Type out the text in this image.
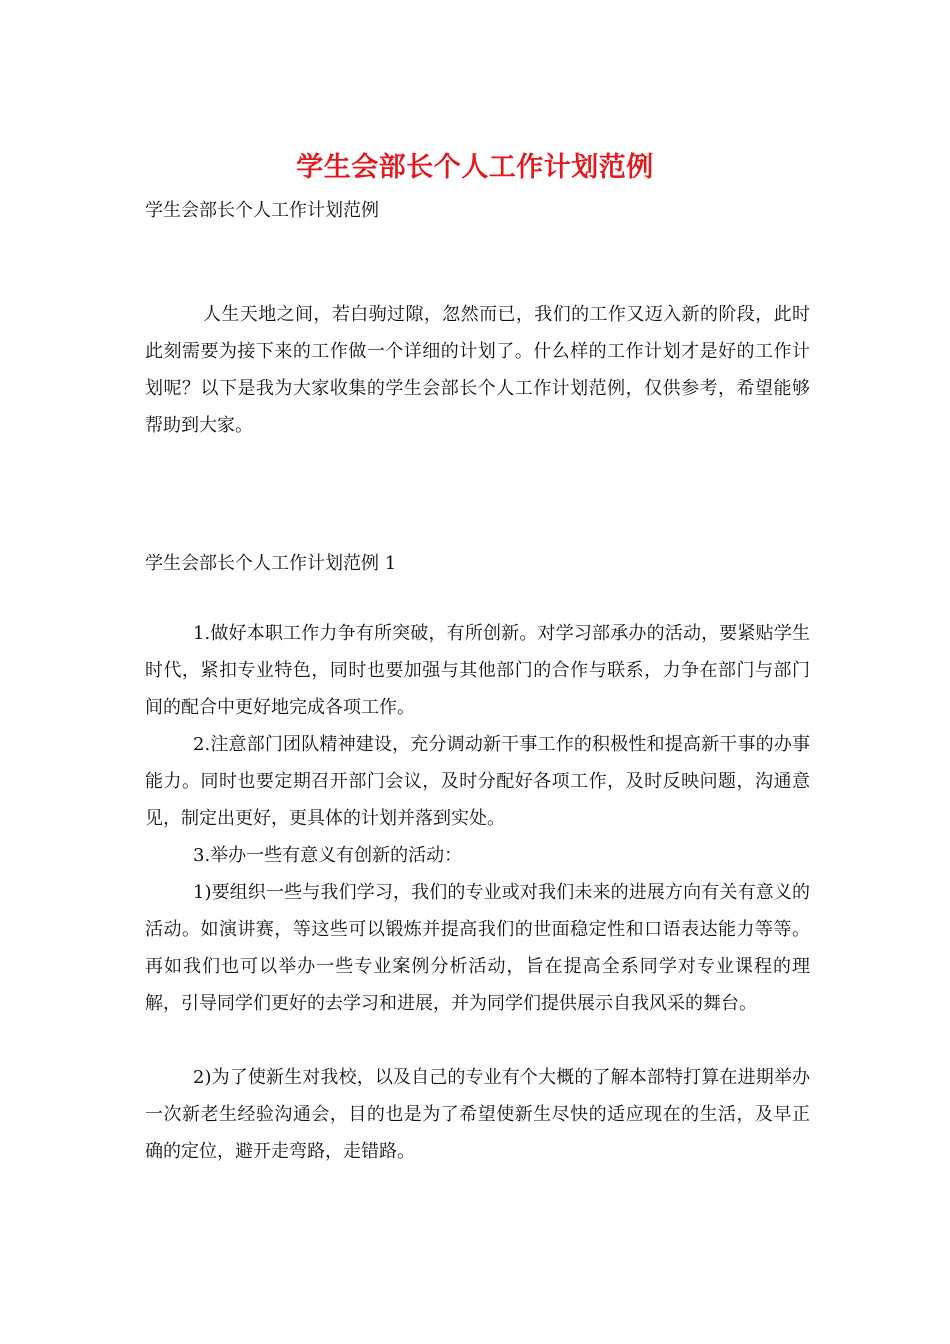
学生会部长个人工作计划范例
学生会部长个人工作计划范例
人生天地之间，若白驹过隙，忽然而已，我们的工作又迈入新的阶段，此时此刻需要为接下来的工作做一个详细的计划了。什么样的工作计划才是好的工作计划呢？以下是我为大家收集的学生会部长个人工作计划范例，仅供参考，希望能够帮助到大家。
学生会部长个人工作计划范例 1
1.做好本职工作力争有所突破，有所创新。对学习部承办的活动，要紧贴学生时代，紧扣专业特色，同时也要加强与其他部门的合作与联系，力争在部门与部门间的配合中更好地完成各项工作。
2.注意部门团队精神建设，充分调动新干事工作的积极性和提高新干事的办事能力。同时也要定期召开部门会议，及时分配好各项工作，及时反映问题，沟通意见，制定出更好，更具体的计划并落到实处。
3.举办一些有意义有创新的活动：
1)要组织一些与我们学习，我们的专业或对我们未来的进展方向有关有意义的活动。如演讲赛，等这些可以锻炼并提高我们的世面稳定性和口语表达能力等等。再如我们也可以举办一些专业案例分析活动，旨在提高全系同学对专业课程的理解，引导同学们更好的去学习和进展，并为同学们提供展示自我风采的舞台。
2)为了使新生对我校，以及自己的专业有个大概的了解本部特打算在进期举办一次新老生经验沟通会，目的也是为了希望使新生尽快的适应现在的生活，及早正确的定位，避开走弯路，走错路。
